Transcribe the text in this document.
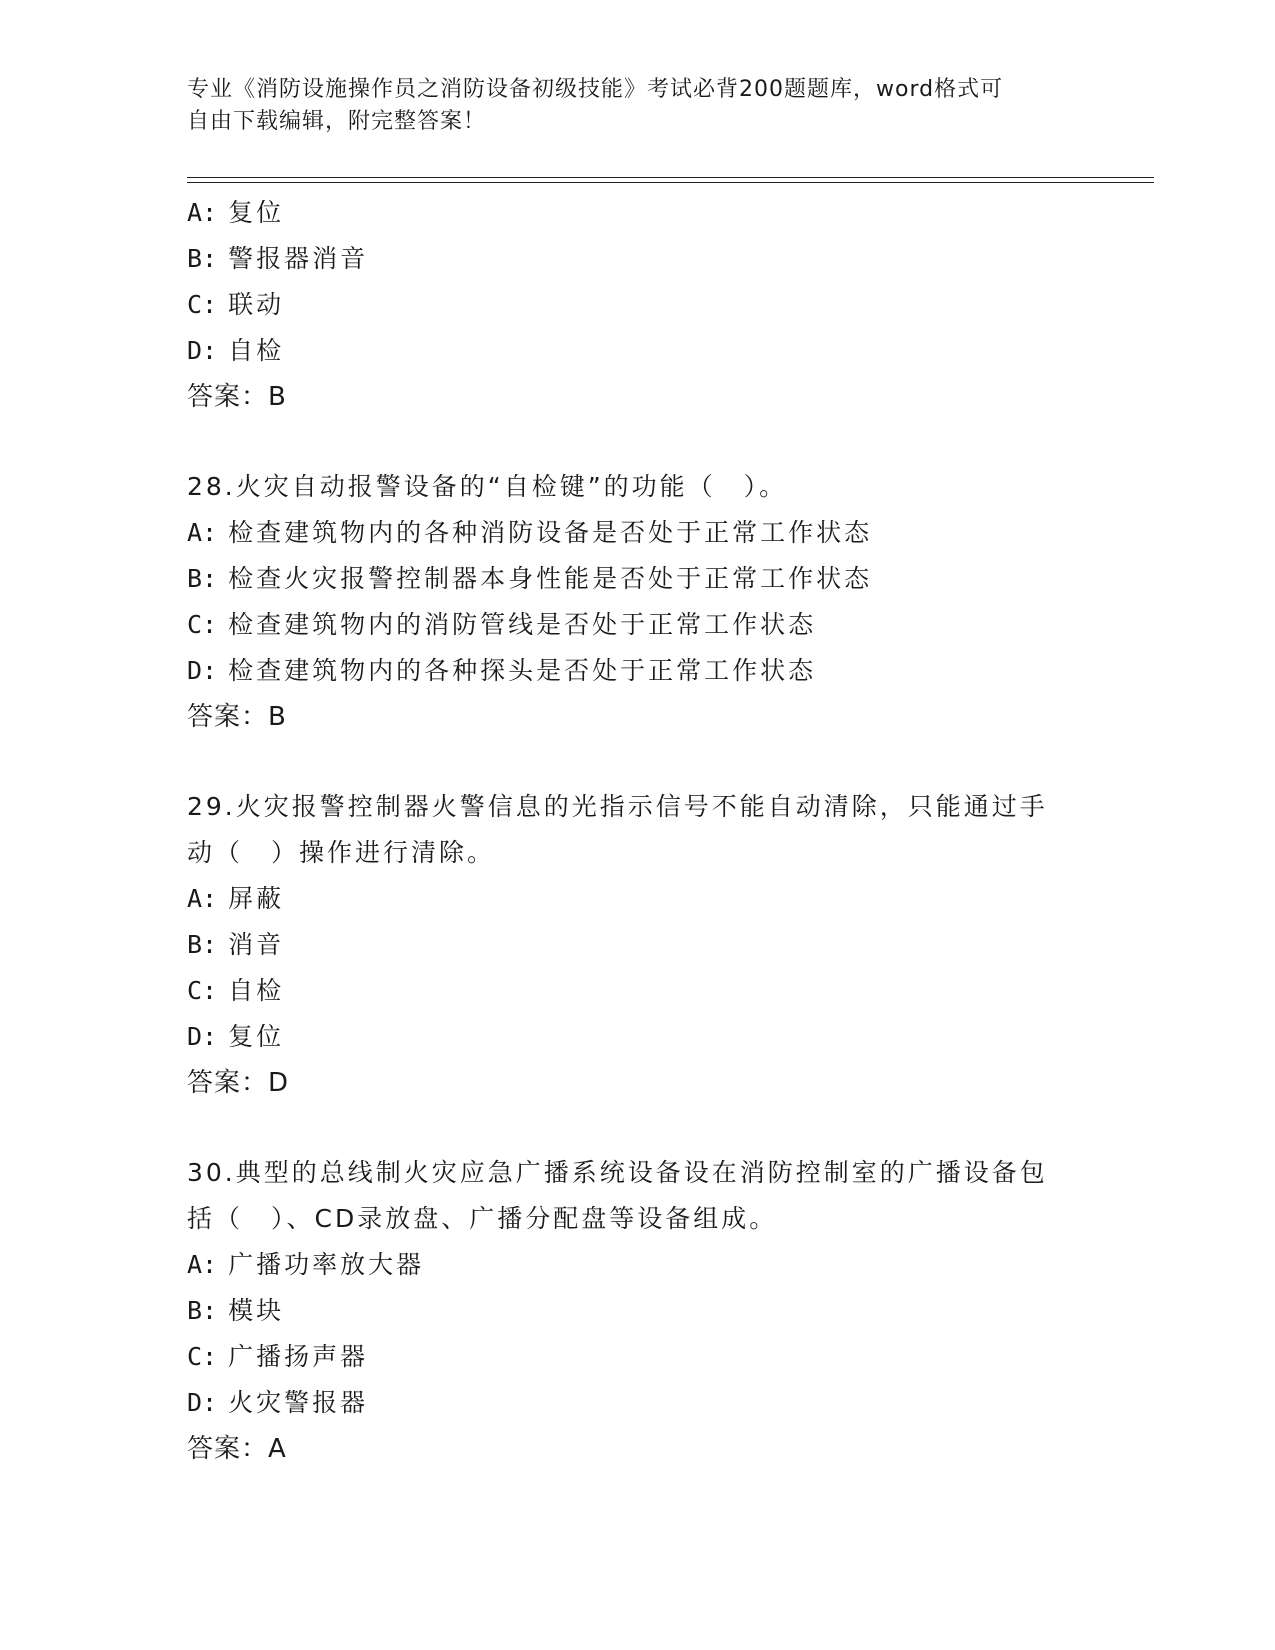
专业《消防设施操作员之消防设备初级技能》考试必背200题题库，word格式可
自由下载编辑，附完整答案！
A: 复位
B: 警报器消音
C: 联动
D: 自检
答案：B
28.火灾自动报警设备的“自检键”的功能（　）。
A: 检查建筑物内的各种消防设备是否处于正常工作状态
B: 检查火灾报警控制器本身性能是否处于正常工作状态
C: 检查建筑物内的消防管线是否处于正常工作状态
D: 检查建筑物内的各种探头是否处于正常工作状态
答案：B
29.火灾报警控制器火警信息的光指示信号不能自动清除，只能通过手
动（　）操作进行清除。
A: 屏蔽
B: 消音
C: 自检
D: 复位
答案：D
30.典型的总线制火灾应急广播系统设备设在消防控制室的广播设备包
括（　）、CD录放盘、广播分配盘等设备组成。
A: 广播功率放大器
B: 模块
C: 广播扬声器
D: 火灾警报器
答案：A
